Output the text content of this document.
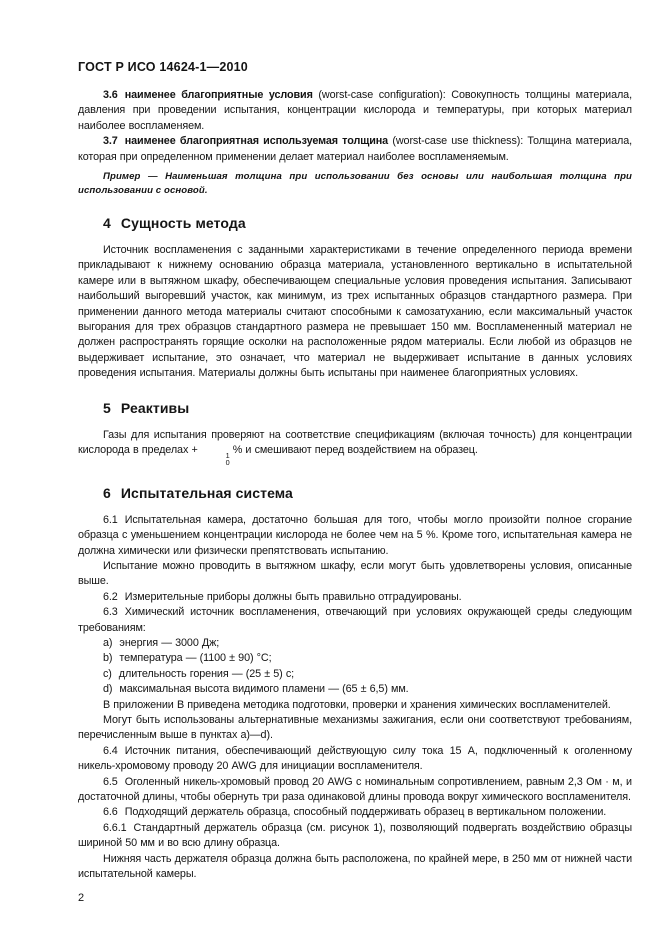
ГОСТ Р ИСО 14624-1—2010

3.6 наименее благоприятные условия (worst-case configuration): Совокупность толщины материала, давления при проведении испытания, концентрации кислорода и температуры, при которых материал наиболее воспламеняем.

3.7 наименее благоприятная используемая толщина (worst-case use thickness): Толщина материала, которая при определенном применении делает материал наиболее воспламеняемым.

Пример — Наименьшая толщина при использовании без основы или наибольшая толщина при использовании с основой.

4 Сущность метода

Источник воспламенения с заданными характеристиками в течение определенного периода времени прикладывают к нижнему основанию образца материала, установленного вертикально в испытательной камере или в вытяжном шкафу, обеспечивающем специальные условия проведения испытания. Записывают наибольший выгоревший участок, как минимум, из трех испытанных образцов стандартного размера. При применении данного метода материалы считают способными к самозатуханию, если максимальный участок выгорания для трех образцов стандартного размера не превышает 150 мм. Воспламененный материал не должен распространять горящие осколки на расположенные рядом материалы. Если любой из образцов не выдерживает испытание, это означает, что материал не выдерживает испытание в данных условиях проведения испытания. Материалы должны быть испытаны при наименее благоприятных условиях.

5 Реактивы

Газы для испытания проверяют на соответствие спецификациям (включая точность) для концентрации кислорода в пределах +	1
0
% и смешивают перед воздействием на образец.

6 Испытательная система

6.1 Испытательная камера, достаточно большая для того, чтобы могло произойти полное сгорание образца с уменьшением концентрации кислорода не более чем на 5 %. Кроме того, испытательная камера не должна химически или физически препятствовать испытанию.

Испытание можно проводить в вытяжном шкафу, если могут быть удовлетворены условия, описанные выше.

6.2 Измерительные приборы должны быть правильно отградуированы.

6.3 Химический источник воспламенения, отвечающий при условиях окружающей среды следующим требованиям:

a) энергия — 3000 Дж;

b) температура — (1100 ± 90) °С;

c) длительность горения — (25 ± 5) с;

d) максимальная высота видимого пламени — (65 ± 6,5) мм.

В приложении В приведена методика подготовки, проверки и хранения химических воспламенителей.

Могут быть использованы альтернативные механизмы зажигания, если они соответствуют требованиям, перечисленным выше в пунктах a)—d).

6.4 Источник питания, обеспечивающий действующую силу тока 15 А, подключенный к оголенному никель-хромовому проводу 20 AWG для инициации воспламенителя.

6.5 Оголенный никель-хромовый провод 20 AWG с номинальным сопротивлением, равным 2,3 Ом · м, и достаточной длины, чтобы обернуть три раза одинаковой длины провода вокруг химического воспламенителя.

6.6 Подходящий держатель образца, способный поддерживать образец в вертикальном положении.

6.6.1 Стандартный держатель образца (см. рисунок 1), позволяющий подвергать воздействию образцы шириной 50 мм и во всю длину образца.

Нижняя часть держателя образца должна быть расположена, по крайней мере, в 250 мм от нижней части испытательной камеры.

2
